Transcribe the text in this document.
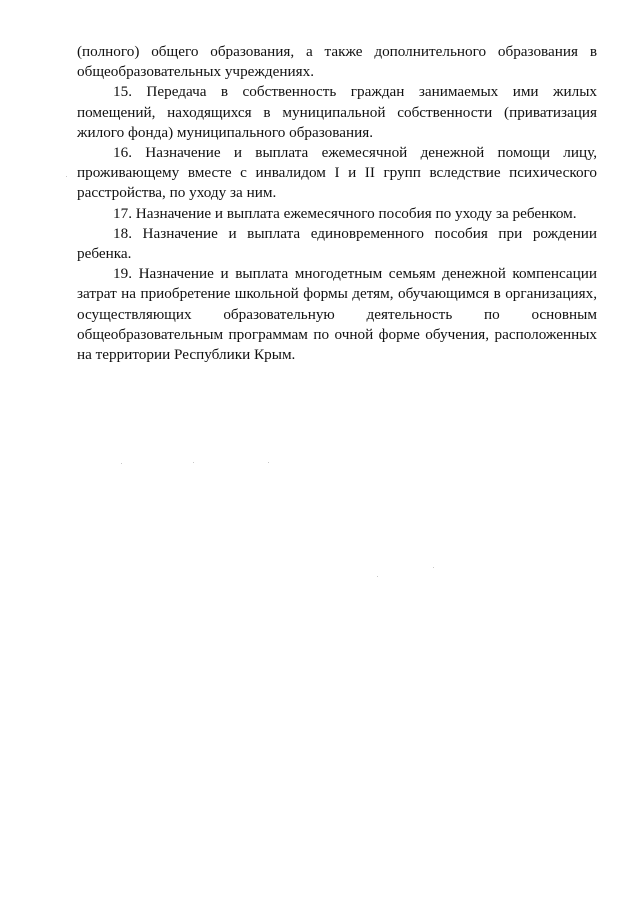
(полного) общего образования, а также дополнительного образования в общеобразовательных учреждениях.

15. Передача в собственность граждан занимаемых ими жилых помещений, находящихся в муниципальной собственности (приватизация жилого фонда) муниципального образования.

16. Назначение и выплата ежемесячной денежной помощи лицу, проживающему вместе с инвалидом I и II групп вследствие психического расстройства, по уходу за ним.

17. Назначение и выплата ежемесячного пособия по уходу за ребенком.

18. Назначение и выплата единовременного пособия при рождении ребенка.

19. Назначение и выплата многодетным семьям денежной компенсации затрат на приобретение школьной формы детям, обучающимся в организациях, осуществляющих образовательную деятельность по основным общеобразовательным программам по очной форме обучения, расположенных на территории Республики Крым.
